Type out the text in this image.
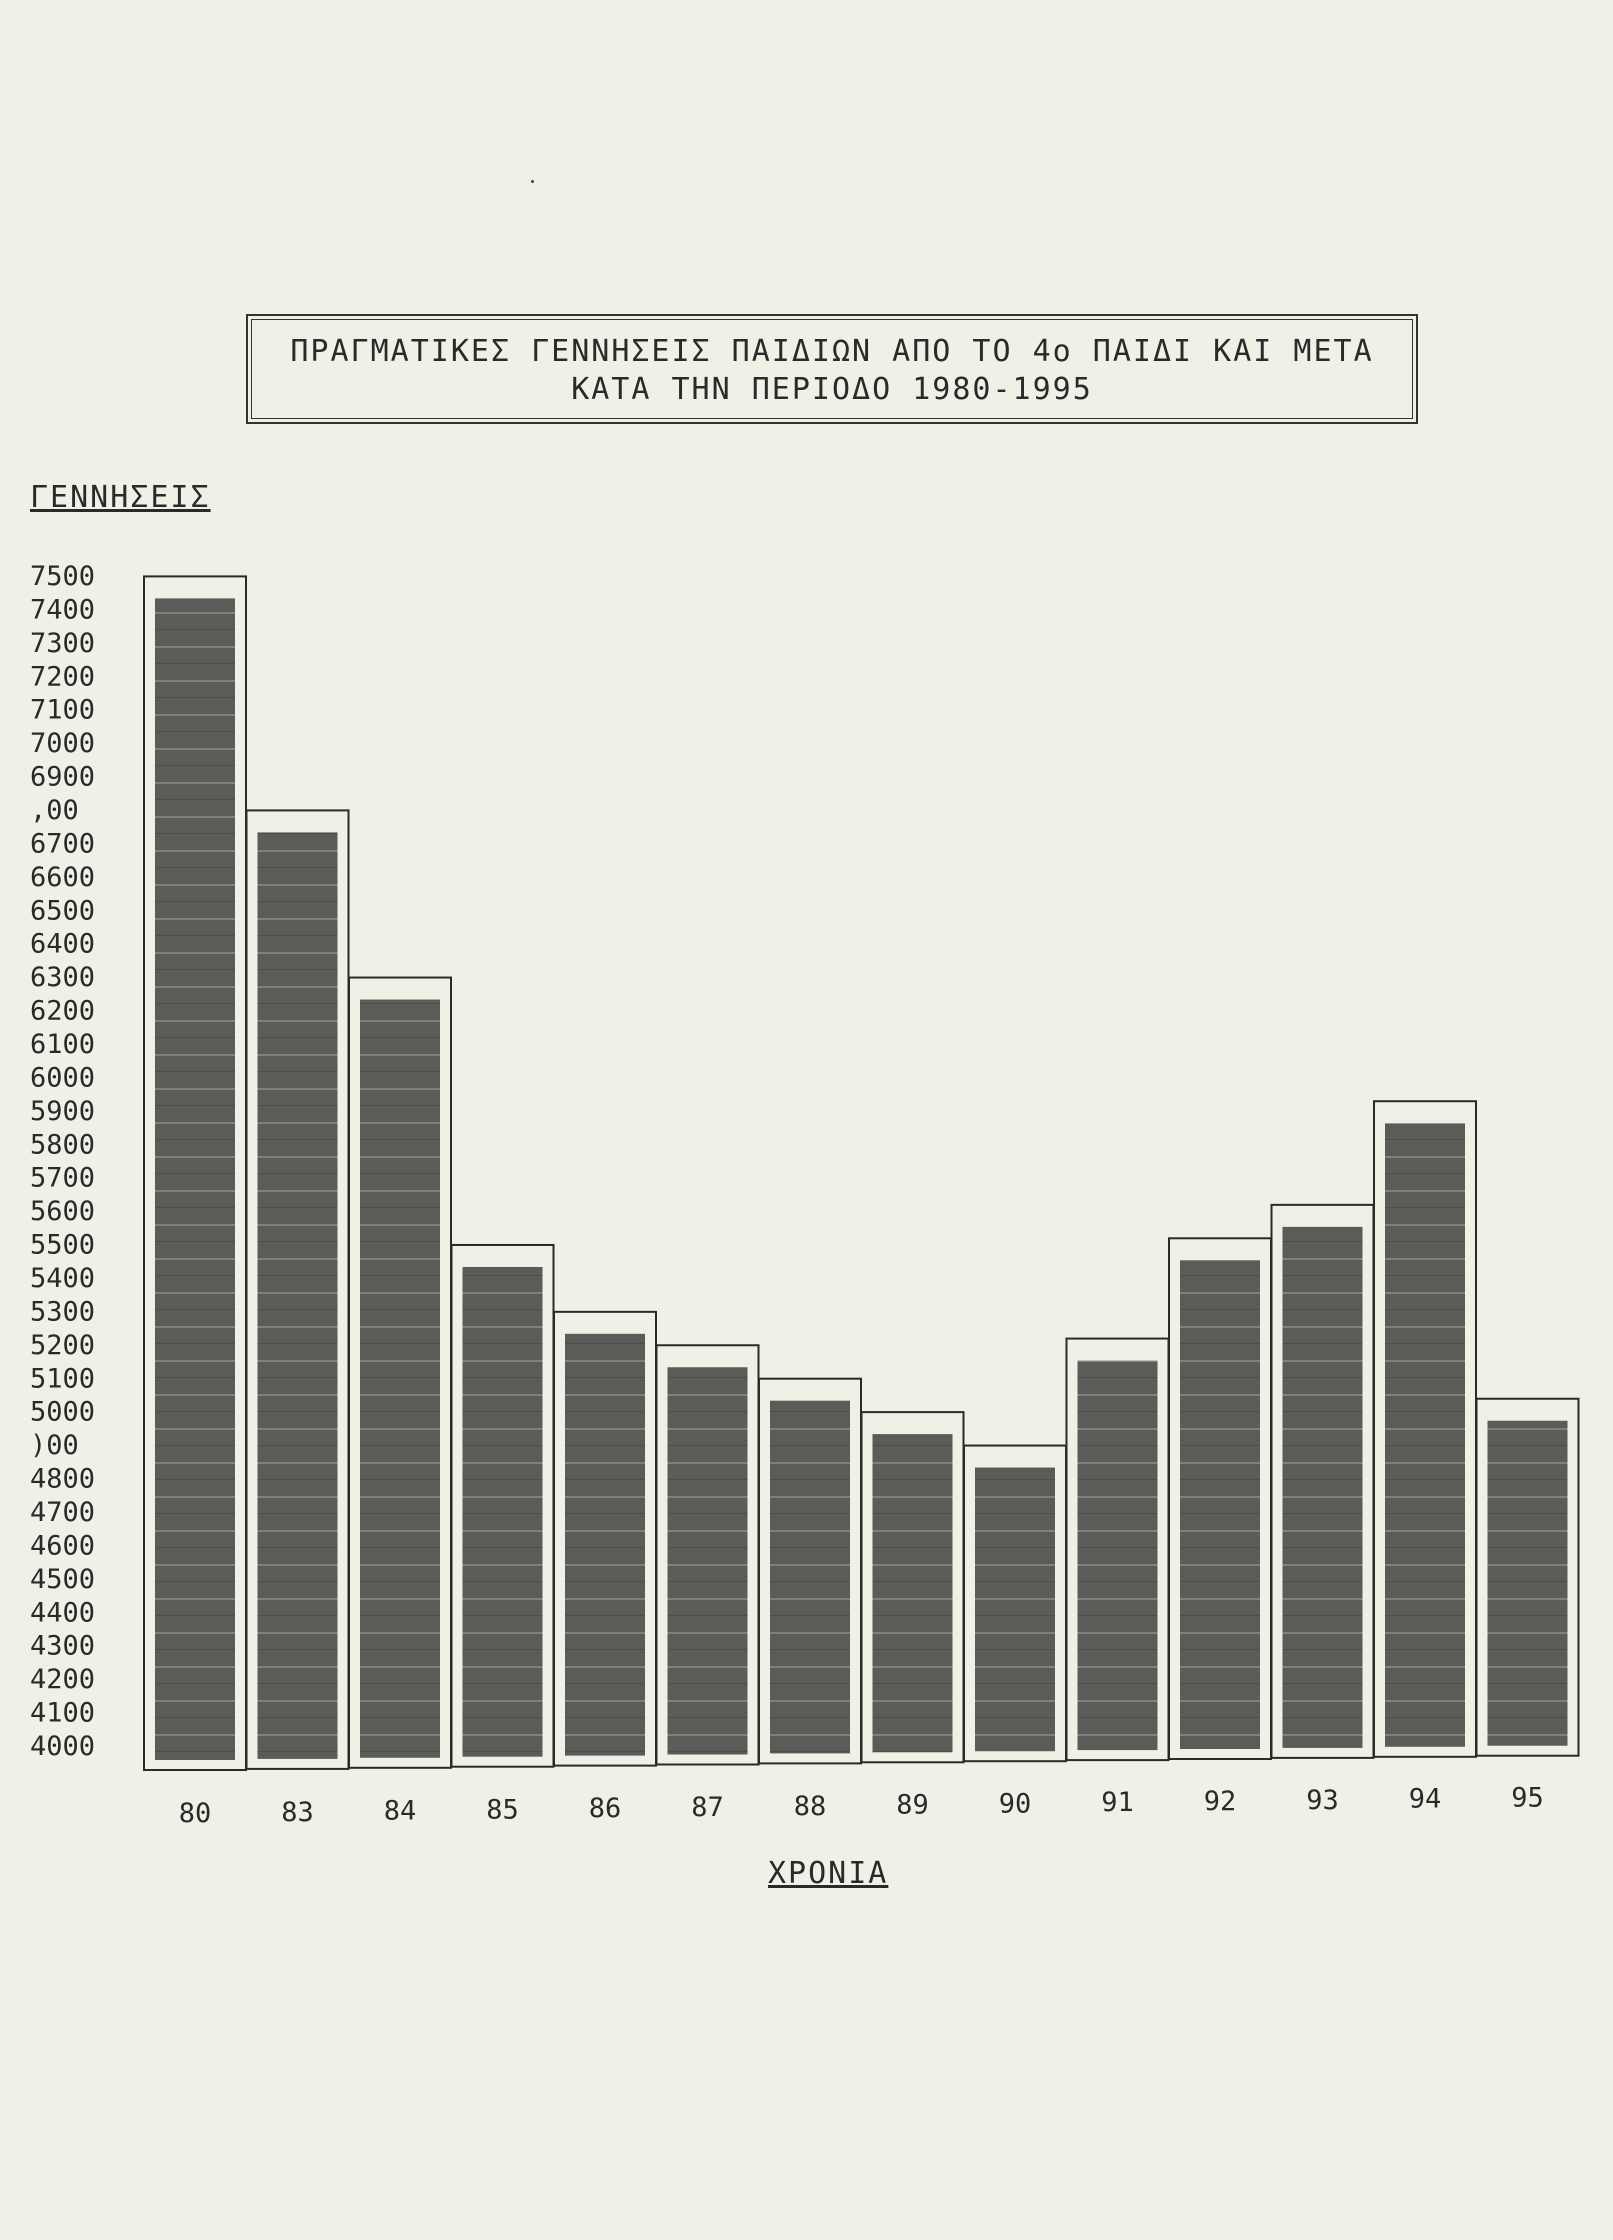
ΠΡΑΓΜΑΤΙΚΕΣ ΓΕΝΝΗΣΕΙΣ ΠΑΙΔΙΩΝ ΑΠΟ ΤΟ 4ο ΠΑΙΔΙ ΚΑΙ ΜΕΤΑ
ΚΑΤΑ ΤΗΝ ΠΕΡΙΟΔΟ 1980-1995
ΓΕΝΝΗΣΕΙΣ
ΧΡΟΝΙΑ
7500
7400
7300
7200
7100
7000
6900
,00
6700
6600
6500
6400
6300
6200
6100
6000
5900
5800
5700
5600
5500
5400
5300
5200
5100
5000
)00
4800
4700
4600
4500
4400
4300
4200
4100
4000
80	83	84	85	86	87	88	89	90	91	92	93	94	95
